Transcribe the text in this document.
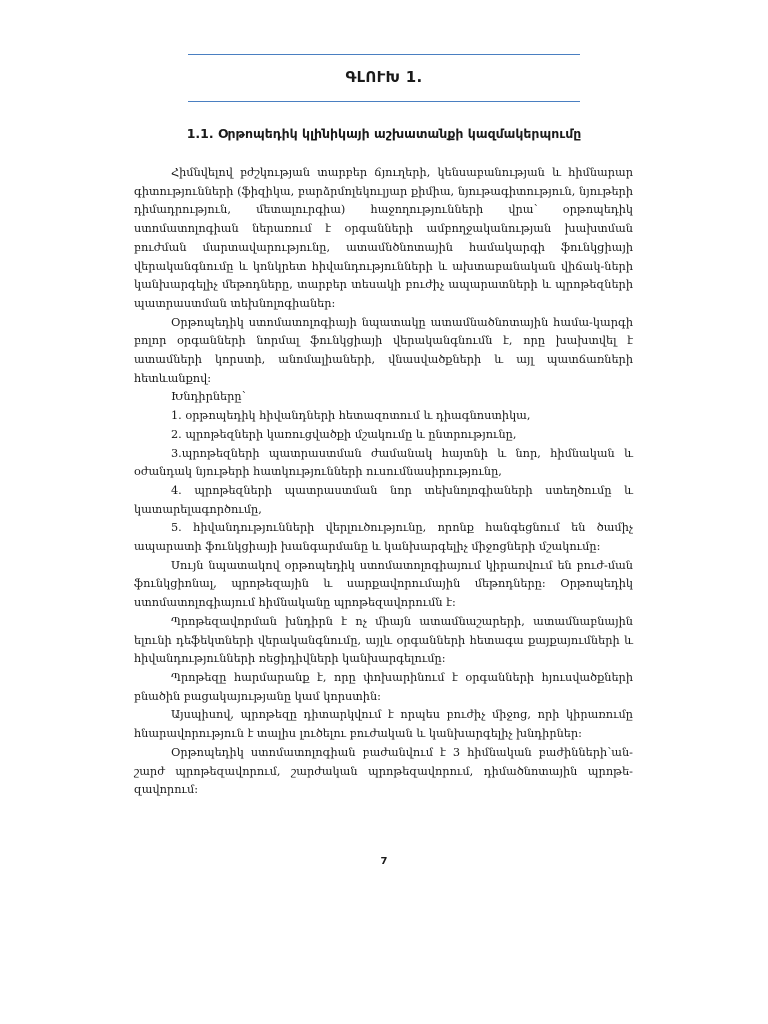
ԳԼՈՒԽ 1.
1.1. Օրթոպեդիկ կլինիկայի աշխատանքի կազմակերպումը

Հիմնվելով բժշկության տարբեր ճյուղերի, կենսաբանության և հիմնարար գիտությունների (ֆիզիկա, բարձրմոլեկուլյար քիմիա, նյութագիտություն, նյութերի դիմադրություն, մետալուրգիա) հաջողությունների վրա՝ օրթոպեդիկ ստոմատոլոգիան ներառում է օրգանների ամբողջականության խախտման բուժման մարտավարությունը, ատամնծնոտային համակարգի ֆունկցիայի վերականգնումը և կոնկրետ հիվանդությունների և ախտաբանական վիճակ-ների կանխարգելիչ մեթոդները, տարբեր տեսակի բուժիչ ապարատների և պրոթեզների պատրաստման տեխնոլոգիաներ:

Օրթոպեդիկ ստոմատոլոգիայի նպատակը ատամնածնոտային համա-կարգի բոլոր օրգանների նորմալ ֆունկցիայի վերականգնումն է, որը խախտվել է ատամների կորստի, անոմալիաների, վնասվածքների և այլ պատճառների հետևանքով:

Խնդիրները՝

1. օրթոպեդիկ հիվանդների հետազոտում և դիագնոստիկա,

2. պրոթեզների կառուցվածքի մշակումը և ընտրությունը,

3.պրոթեզների պատրաստման ժամանակ հայտնի և նոր, հիմնական և օժանդակ նյութերի հատկությունների ուսումնասիրությունը,

4. պրոթեզների պատրաստման նոր տեխնոլոգիաների ստեղծումը և կատարելագործումը,

5. հիվանդությունների վերլուծությունը, որոնք հանգեցնում են ծամիչ ապարատի ֆունկցիայի խանգարմանը և կանխարգելիչ միջոցների մշակումը:

Սույն նպատակով օրթոպեդիկ ստոմատոլոգիայում կիրառվում են բուժ-ման ֆունկցիոնալ, պրոթեզային և սարքավորումային մեթոդները: Օրթոպեդիկ ստոմատոլոգիայում հիմնականը պրոթեզավորումն է:

Պրոթեզավորման խնդիրն է ոչ միայն ատամնաշարերի, ատամնաբնային ելունի դեֆեկտների վերականգնումը, այլև օրգանների հետագա քայքայումների և հիվանդությունների ռեցիդիվների կանխարգելումը:

Պրոթեզը հարմարանք է, որը փոխարինում է օրգանների հյուսվածքների բնածին բացակայությանը կամ կորստին:

Այսպիսով, պրոթեզը դիտարկվում է որպես բուժիչ միջոց, որի կիրառումը հնարավորություն է տալիս լուծելու բուժական և կանխարգելիչ խնդիրներ:

Օրթոպեդիկ ստոմատոլոգիան բաժանվում է 3 հիմնական բաժինների՝ան-շարժ պրոթեզավորում, շարժական պրոթեզավորում, դիմածնոտային պրոթե-զավորում:

7
